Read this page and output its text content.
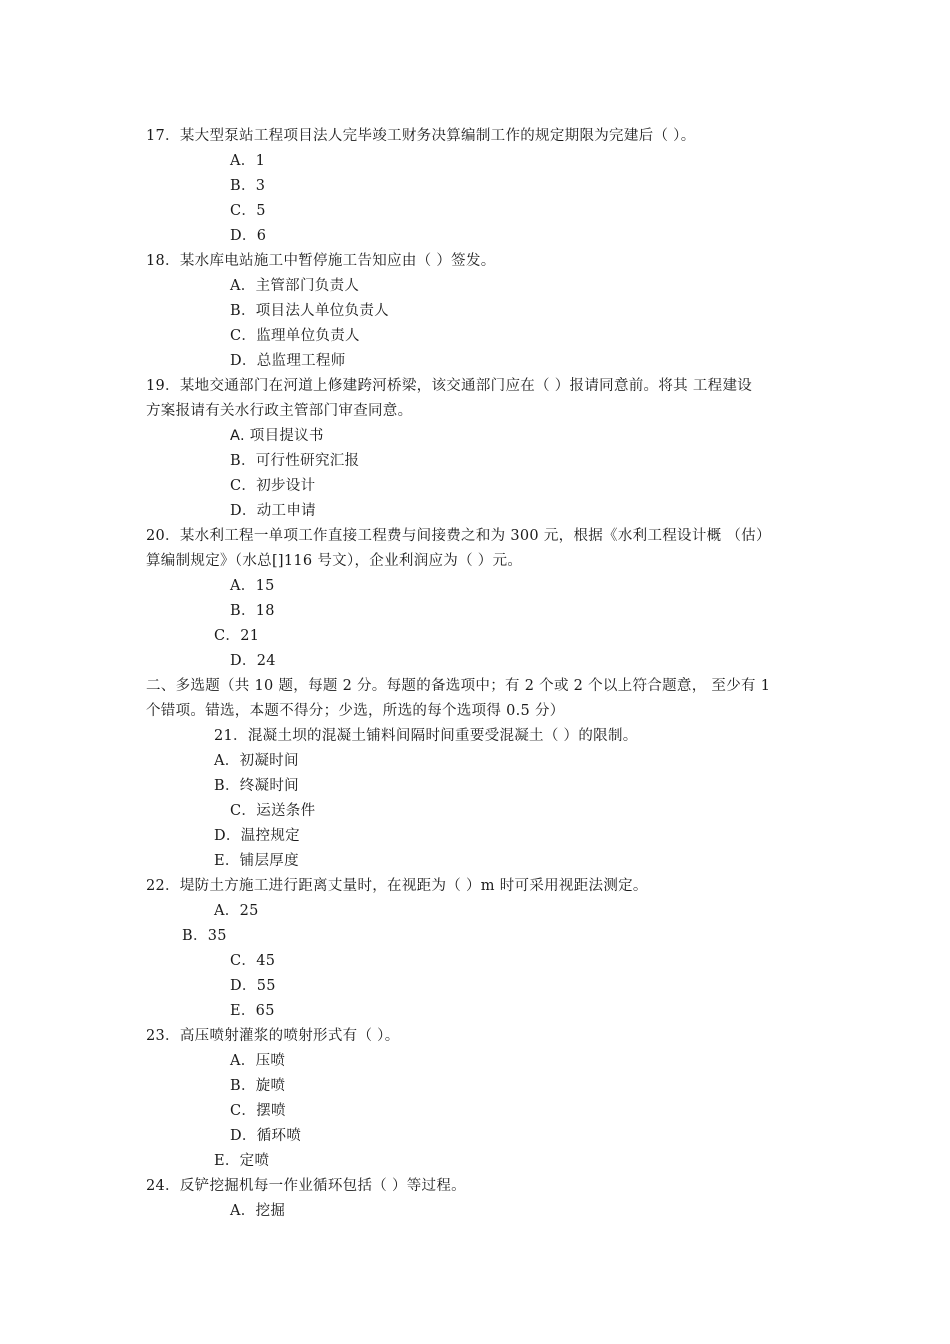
17．某大型泵站工程项目法人完毕竣工财务决算编制工作的规定期限为完建后（ ）。
A．1
B．3
C．5
D．6
18．某水库电站施工中暂停施工告知应由（ ）签发。
A．主管部门负责人
B．项目法人单位负责人
C．监理单位负责人
D．总监理工程师
19．某地交通部门在河道上修建跨河桥梁，该交通部门应在（ ）报请同意前。将其 工程建设
方案报请有关水行政主管部门审查同意。
A. 项目提议书
B．可行性研究汇报
C．初步设计
D．动工申请
20．某水利工程一单项工作直接工程费与间接费之和为 300 元，根据《水利工程设计概 （估）
算编制规定》（水总[]116 号文），企业利润应为（ ）元。
A．15
B．18
C．21
D．24
二、多选题（共 10 题，每题 2 分。每题的备选项中；有 2 个或 2 个以上符合题意， 至少有 1
个错项。错选，本题不得分；少选，所选的每个选项得 0.5 分）
21．混凝土坝的混凝土铺料间隔时间重要受混凝土（ ）的限制。
A．初凝时间
B．终凝时间
C．运送条件
D．温控规定
E．铺层厚度
22．堤防土方施工进行距离丈量时，在视距为（ ）m 时可采用视距法测定。
A．25
B．35
C．45
D．55
E．65
23．高压喷射灌浆的喷射形式有（ ）。
A．压喷
B．旋喷
C．摆喷
D．循环喷
E．定喷
24．反铲挖掘机每一作业循环包括（ ）等过程。
A．挖掘
